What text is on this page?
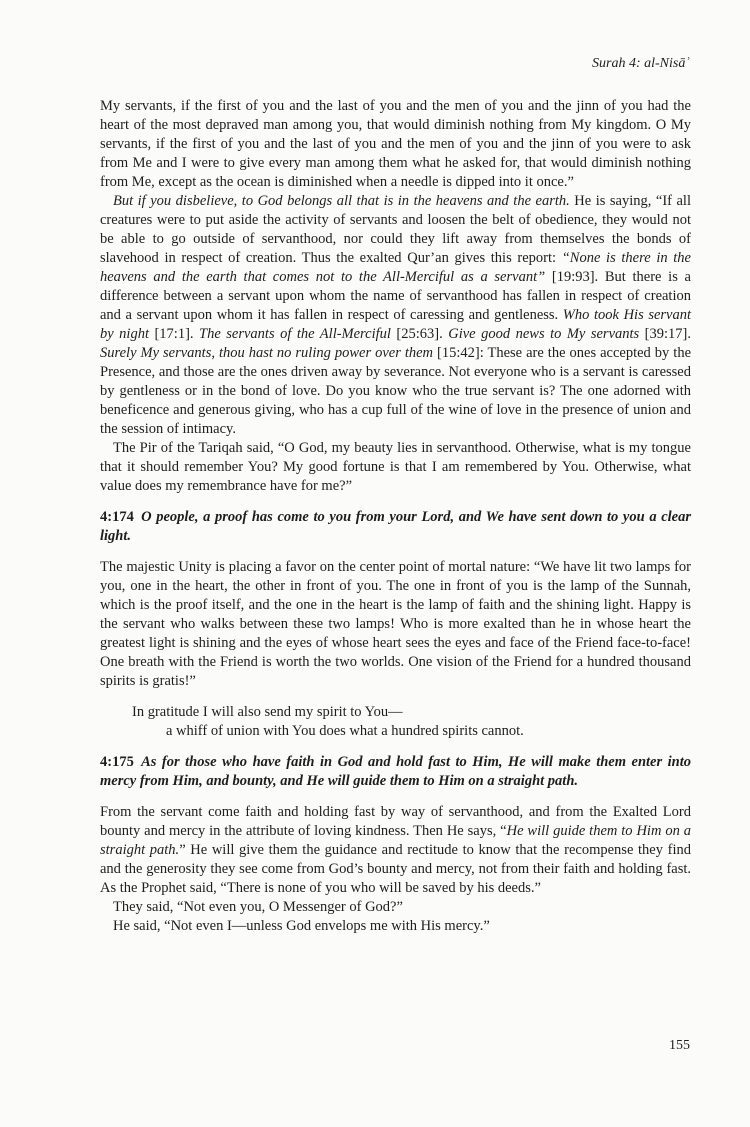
Surah 4: al-Nisāʾ

My servants, if the first of you and the last of you and the men of you and the jinn of you had the heart of the most depraved man among you, that would diminish nothing from My kingdom. O My servants, if the first of you and the last of you and the men of you and the jinn of you were to ask from Me and I were to give every man among them what he asked for, that would diminish nothing from Me, except as the ocean is diminished when a needle is dipped into it once.”

But if you disbelieve, to God belongs all that is in the heavens and the earth. He is saying, “If all creatures were to put aside the activity of servants and loosen the belt of obedience, they would not be able to go outside of servanthood, nor could they lift away from themselves the bonds of slavehood in respect of creation. Thus the exalted Qur’an gives this report: “None is there in the heavens and the earth that comes not to the All-Merciful as a servant” [19:93]. But there is a difference between a servant upon whom the name of servanthood has fallen in respect of creation and a servant upon whom it has fallen in respect of caressing and gentleness. Who took His servant by night [17:1]. The servants of the All-Merciful [25:63]. Give good news to My servants [39:17]. Surely My servants, thou hast no ruling power over them [15:42]: These are the ones accepted by the Presence, and those are the ones driven away by severance. Not everyone who is a servant is caressed by gentleness or in the bond of love. Do you know who the true servant is? The one adorned with beneficence and generous giving, who has a cup full of the wine of love in the presence of union and the session of intimacy.

The Pir of the Tariqah said, “O God, my beauty lies in servanthood. Otherwise, what is my tongue that it should remember You? My good fortune is that I am remembered by You. Otherwise, what value does my remembrance have for me?”

4:174 O people, a proof has come to you from your Lord, and We have sent down to you a clear light.

The majestic Unity is placing a favor on the center point of mortal nature: “We have lit two lamps for you, one in the heart, the other in front of you. The one in front of you is the lamp of the Sunnah, which is the proof itself, and the one in the heart is the lamp of faith and the shining light. Happy is the servant who walks between these two lamps! Who is more exalted than he in whose heart the greatest light is shining and the eyes of whose heart sees the eyes and face of the Friend face-to-face! One breath with the Friend is worth the two worlds. One vision of the Friend for a hundred thousand spirits is gratis!”

In gratitude I will also send my spirit to You—
a whiff of union with You does what a hundred spirits cannot.

4:175 As for those who have faith in God and hold fast to Him, He will make them enter into mercy from Him, and bounty, and He will guide them to Him on a straight path.

From the servant come faith and holding fast by way of servanthood, and from the Exalted Lord bounty and mercy in the attribute of loving kindness. Then He says, “He will guide them to Him on a straight path.” He will give them the guidance and rectitude to know that the recompense they find and the generosity they see come from God’s bounty and mercy, not from their faith and holding fast. As the Prophet said, “There is none of you who will be saved by his deeds.”

They said, “Not even you, O Messenger of God?”

He said, “Not even I—unless God envelops me with His mercy.”

155
